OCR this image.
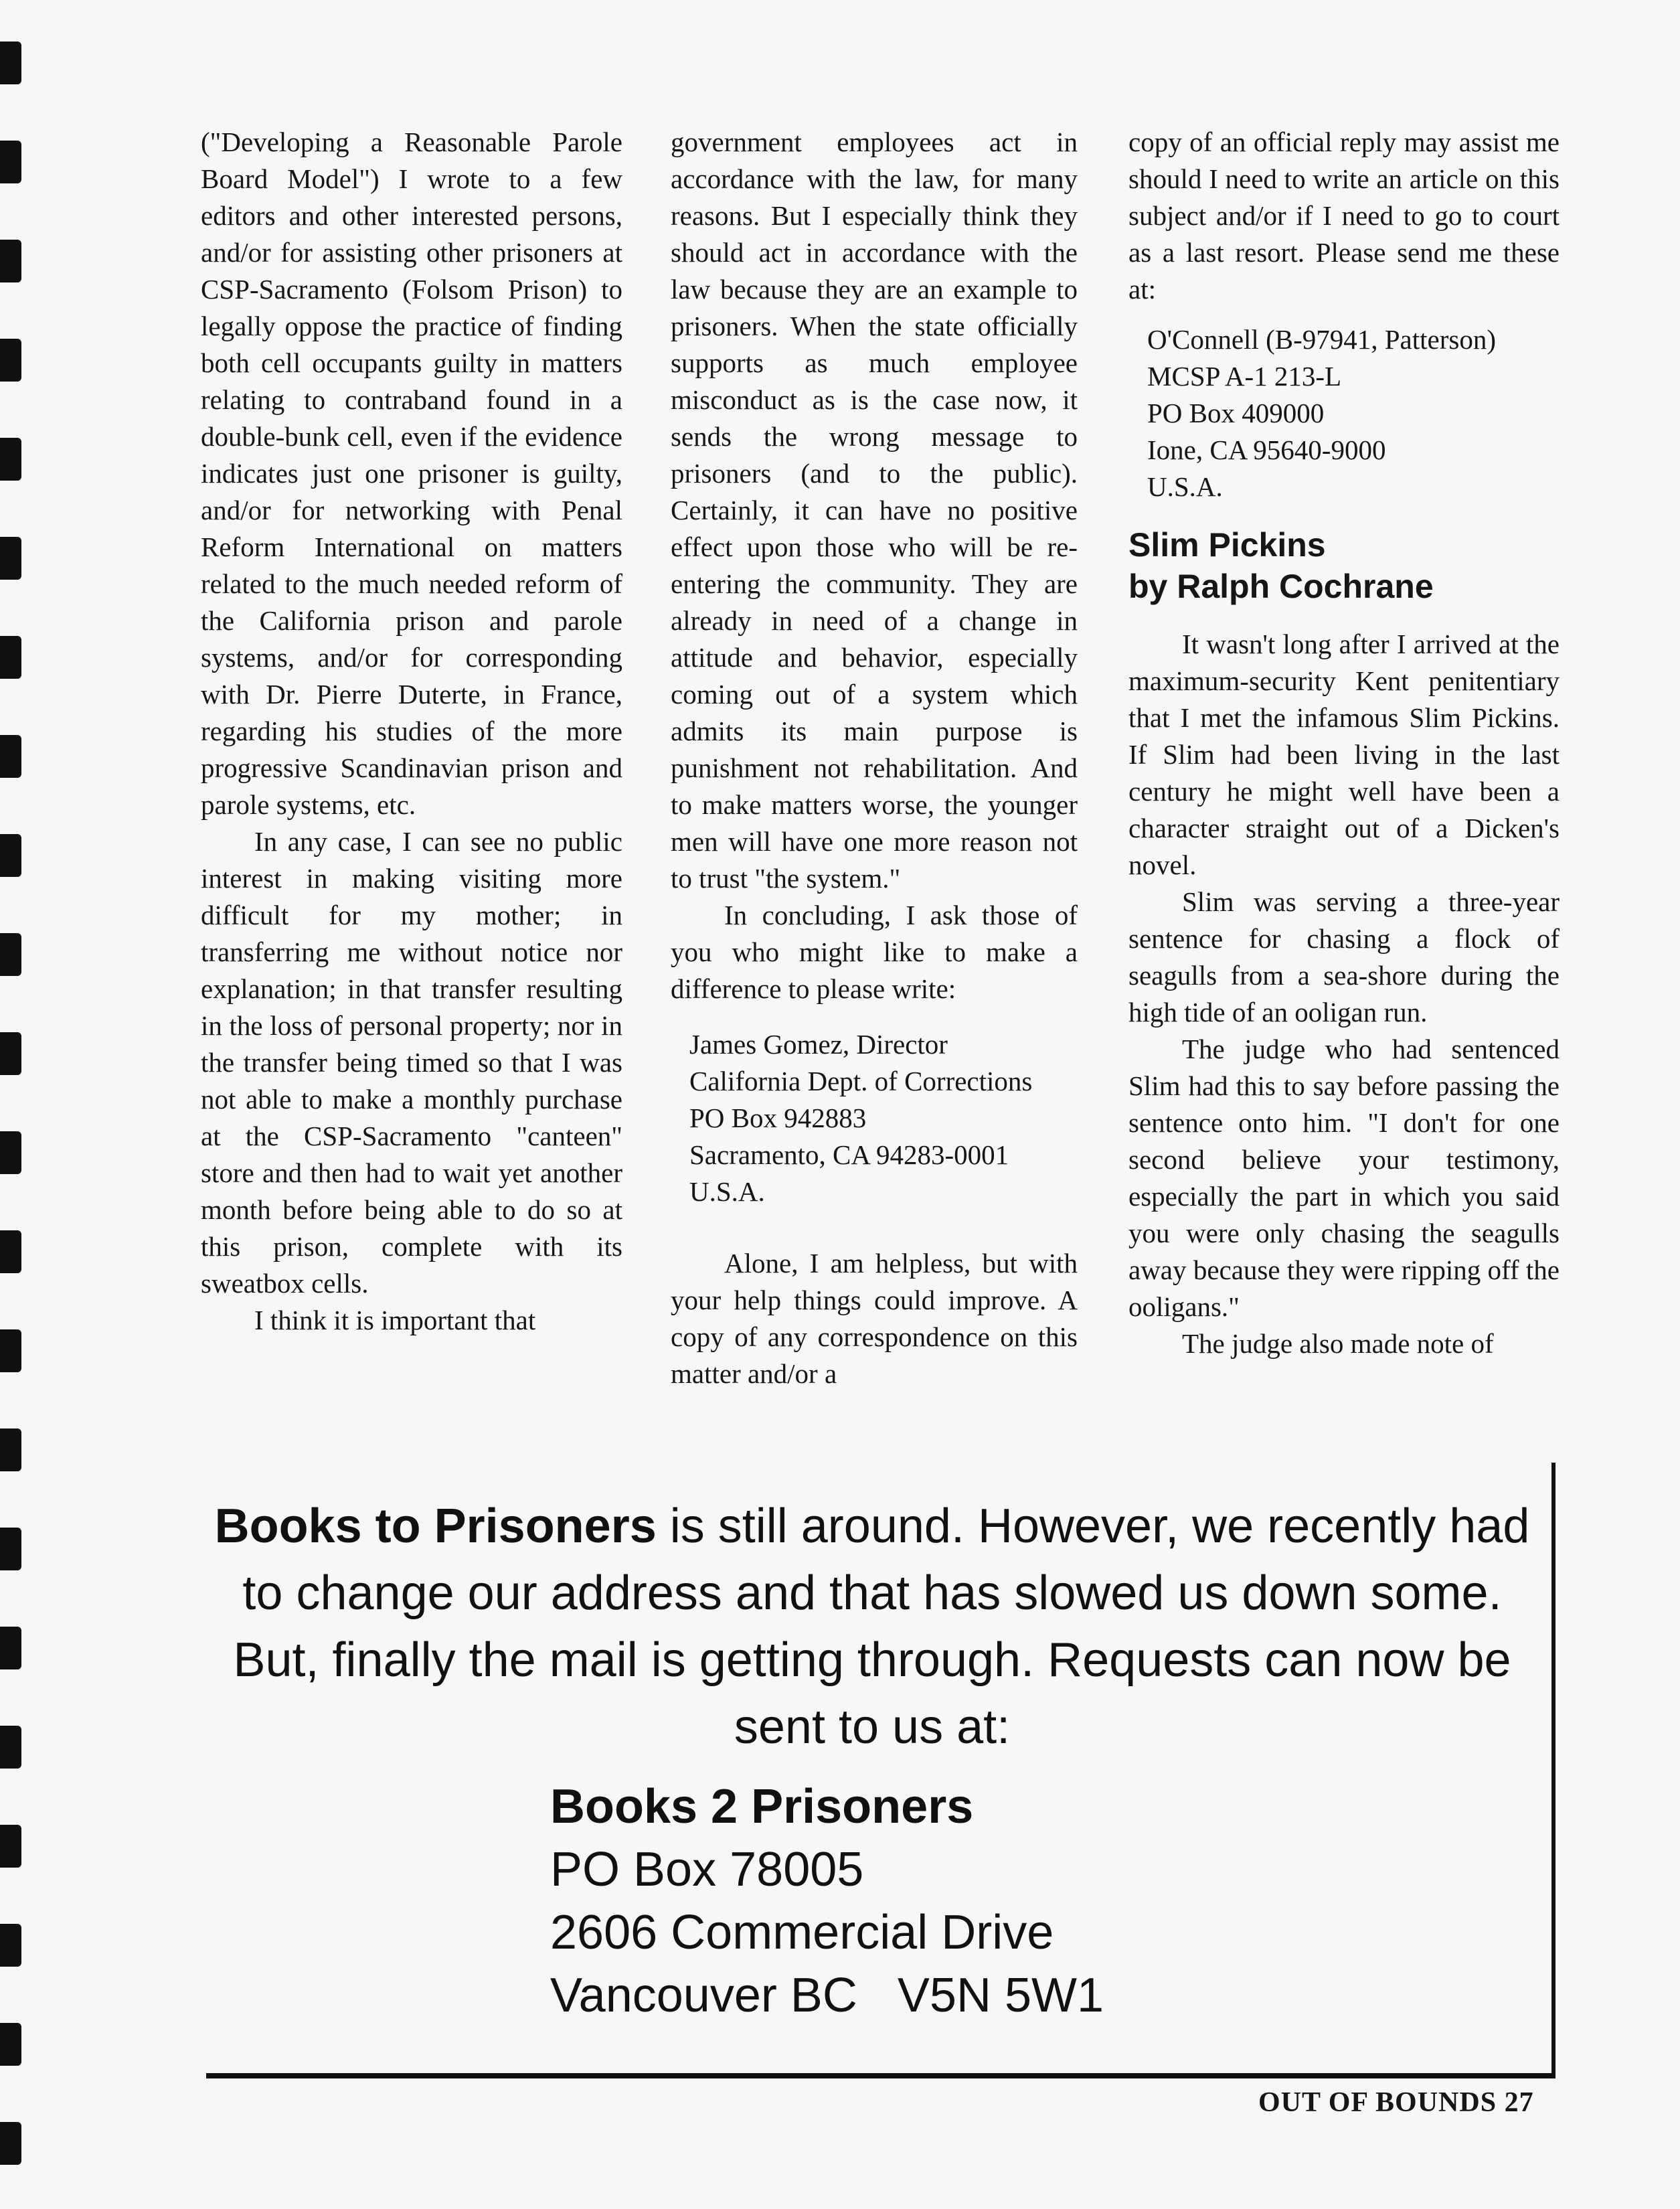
("Developing a Reasonable Parole Board Model") I wrote to a few editors and other interested persons, and/or for assisting other prisoners at CSP-Sacramento (Folsom Prison) to legally oppose the practice of finding both cell occupants guilty in matters relating to contraband found in a double-bunk cell, even if the evidence indicates just one prisoner is guilty, and/or for networking with Penal Reform International on matters related to the much needed reform of the California prison and parole systems, and/or for corresponding with Dr. Pierre Duterte, in France, regarding his studies of the more progressive Scandinavian prison and parole systems, etc.

In any case, I can see no public interest in making visiting more difficult for my mother; in transferring me without notice nor explanation; in that transfer resulting in the loss of personal property; nor in the transfer being timed so that I was not able to make a monthly purchase at the CSP-Sacramento "canteen" store and then had to wait yet another month before being able to do so at this prison, complete with its sweatbox cells.

I think it is important that

government employees act in accordance with the law, for many reasons. But I especially think they should act in accordance with the law because they are an example to prisoners. When the state officially supports as much employee misconduct as is the case now, it sends the wrong message to prisoners (and to the public). Certainly, it can have no positive effect upon those who will be re-entering the community. They are already in need of a change in attitude and behavior, especially coming out of a system which admits its main purpose is punishment not rehabilitation. And to make matters worse, the younger men will have one more reason not to trust "the system."

In concluding, I ask those of you who might like to make a difference to please write:

James Gomez, Director
California Dept. of Corrections
PO Box 942883
Sacramento, CA 94283-0001
U.S.A.

Alone, I am helpless, but with your help things could improve. A copy of any correspondence on this matter and/or a

copy of an official reply may assist me should I need to write an article on this subject and/or if I need to go to court as a last resort. Please send me these at:

O'Connell (B-97941, Patterson)
MCSP A-1 213-L
PO Box 409000
Ione, CA 95640-9000
U.S.A.
Slim Pickins
by Ralph Cochrane

It wasn't long after I arrived at the maximum-security Kent penitentiary that I met the infamous Slim Pickins. If Slim had been living in the last century he might well have been a character straight out of a Dicken's novel.

Slim was serving a three-year sentence for chasing a flock of seagulls from a sea-shore during the high tide of an ooligan run.

The judge who had sentenced Slim had this to say before passing the sentence onto him. "I don't for one second believe your testimony, especially the part in which you said you were only chasing the seagulls away because they were ripping off the ooligans."

The judge also made note of

Books to Prisoners is still around. However, we recently had to change our address and that has slowed us down some. But, finally the mail is getting through. Requests can now be sent to us at:
Books 2 Prisoners
PO Box 78005
2606 Commercial Drive
Vancouver BC   V5N 5W1
OUT OF BOUNDS 27
